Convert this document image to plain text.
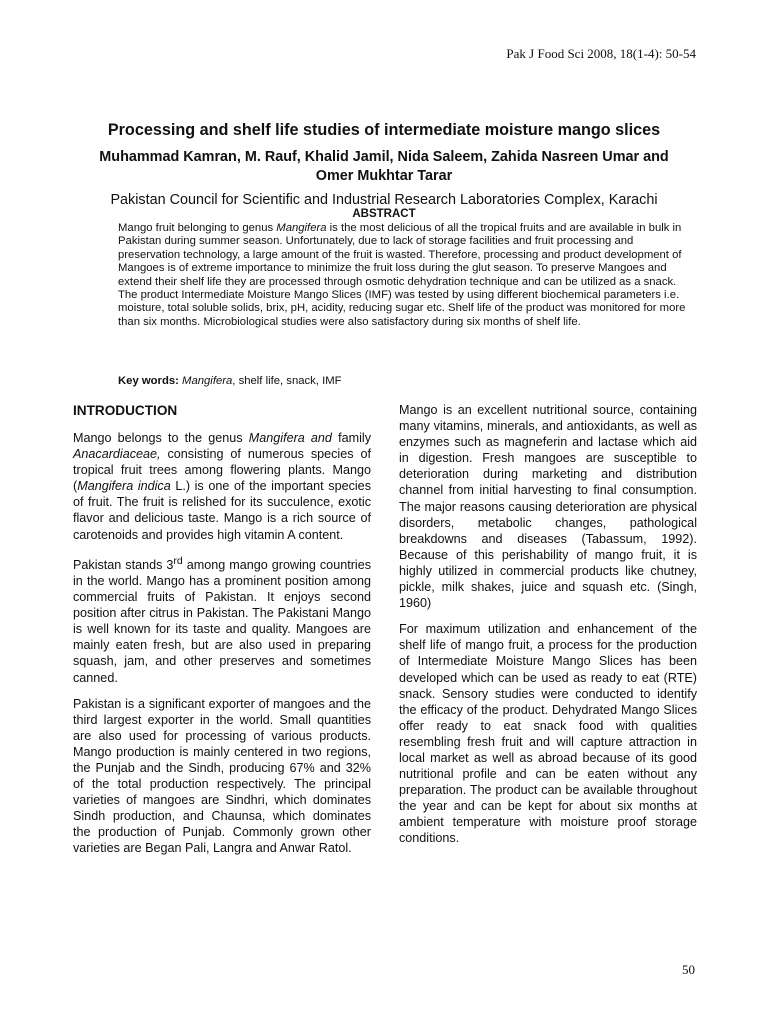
Pak J Food Sci 2008, 18(1-4): 50-54
Processing and shelf life studies of intermediate moisture mango slices
Muhammad Kamran, M. Rauf, Khalid Jamil, Nida Saleem, Zahida Nasreen Umar and
Omer Mukhtar Tarar
Pakistan Council for Scientific and Industrial Research Laboratories Complex, Karachi
ABSTRACT

Mango fruit belonging to genus Mangifera is the most delicious of all the tropical fruits and are available in bulk in Pakistan during summer season. Unfortunately, due to lack of storage facilities and fruit processing and preservation technology, a large amount of the fruit is wasted. Therefore, processing and product development of Mangoes is of extreme importance to minimize the fruit loss during the glut season. To preserve Mangoes and extend their shelf life they are processed through osmotic dehydration technique and can be utilized as a snack. The product Intermediate Moisture Mango Slices (IMF) was tested by using different biochemical parameters i.e. moisture, total soluble solids, brix, pH, acidity, reducing sugar etc. Shelf life of the product was monitored for more than six months. Microbiological studies were also satisfactory during six months of shelf life.

Key words: Mangifera, shelf life, snack, IMF

INTRODUCTION

Mango belongs to the genus Mangifera and family Anacardiaceae, consisting of numerous species of tropical fruit trees among flowering plants. Mango (Mangifera indica L.) is one of the important species of fruit. The fruit is relished for its succulence, exotic flavor and delicious taste. Mango is a rich source of carotenoids and provides high vitamin A content.

Pakistan stands 3rd among mango growing countries in the world. Mango has a prominent position among commercial fruits of Pakistan. It enjoys second position after citrus in Pakistan. The Pakistani Mango is well known for its taste and quality. Mangoes are mainly eaten fresh, but are also used in preparing squash, jam, and other preserves and sometimes canned.

Pakistan is a significant exporter of mangoes and the third largest exporter in the world. Small quantities are also used for processing of various products. Mango production is mainly centered in two regions, the Punjab and the Sindh, producing 67% and 32% of the total production respectively. The principal varieties of mangoes are Sindhri, which dominates Sindh production, and Chaunsa, which dominates the production of Punjab. Commonly grown other varieties are Began Pali, Langra and Anwar Ratol.

Mango is an excellent nutritional source, containing many vitamins, minerals, and antioxidants, as well as enzymes such as magneferin and lactase which aid in digestion. Fresh mangoes are susceptible to deterioration during marketing and distribution channel from initial harvesting to final consumption. The major reasons causing deterioration are physical disorders, metabolic changes, pathological breakdowns and diseases (Tabassum, 1992). Because of this perishability of mango fruit, it is highly utilized in commercial products like chutney, pickle, milk shakes, juice and squash etc. (Singh, 1960)

For maximum utilization and enhancement of the shelf life of mango fruit, a process for the production of Intermediate Moisture Mango Slices has been developed which can be used as ready to eat (RTE) snack. Sensory studies were conducted to identify the efficacy of the product. Dehydrated Mango Slices offer ready to eat snack food with qualities resembling fresh fruit and will capture attraction in local market as well as abroad because of its good nutritional profile and can be eaten without any preparation. The product can be available throughout the year and can be kept for about six months at ambient temperature with moisture proof storage conditions.

50
